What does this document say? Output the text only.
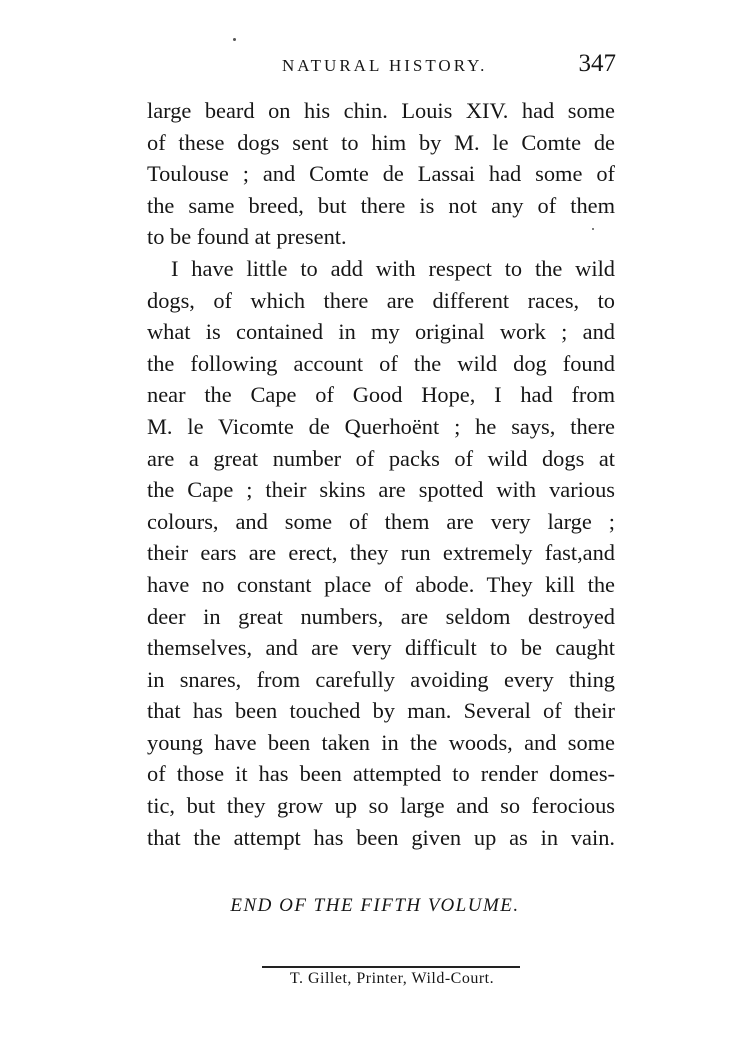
NATURAL HISTORY.	347
large beard on his chin. Louis XIV. had some
of these dogs sent to him by M. le Comte de
Toulouse ; and Comte de Lassai had some of
the same breed, but there is not any of them
to be found at present.
I have little to add with respect to the wild
dogs, of which there are different races, to
what is contained in my original work ; and
the following account of the wild dog found
near the Cape of Good Hope, I had from
M. le Vicomte de Querhoënt ; he says, there
are a great number of packs of wild dogs at
the Cape ; their skins are spotted with various
colours, and some of them are very large ;
their ears are erect, they run extremely fast,and
have no constant place of abode. They kill the
deer in great numbers, are seldom destroyed
themselves, and are very difficult to be caught
in snares, from carefully avoiding every thing
that has been touched by man. Several of their
young have been taken in the woods, and some
of those it has been attempted to render domes-
tic, but they grow up so large and so ferocious
that the attempt has been given up as in vain.
END OF THE FIFTH VOLUME.
T. Gillet, Printer, Wild-Court.
